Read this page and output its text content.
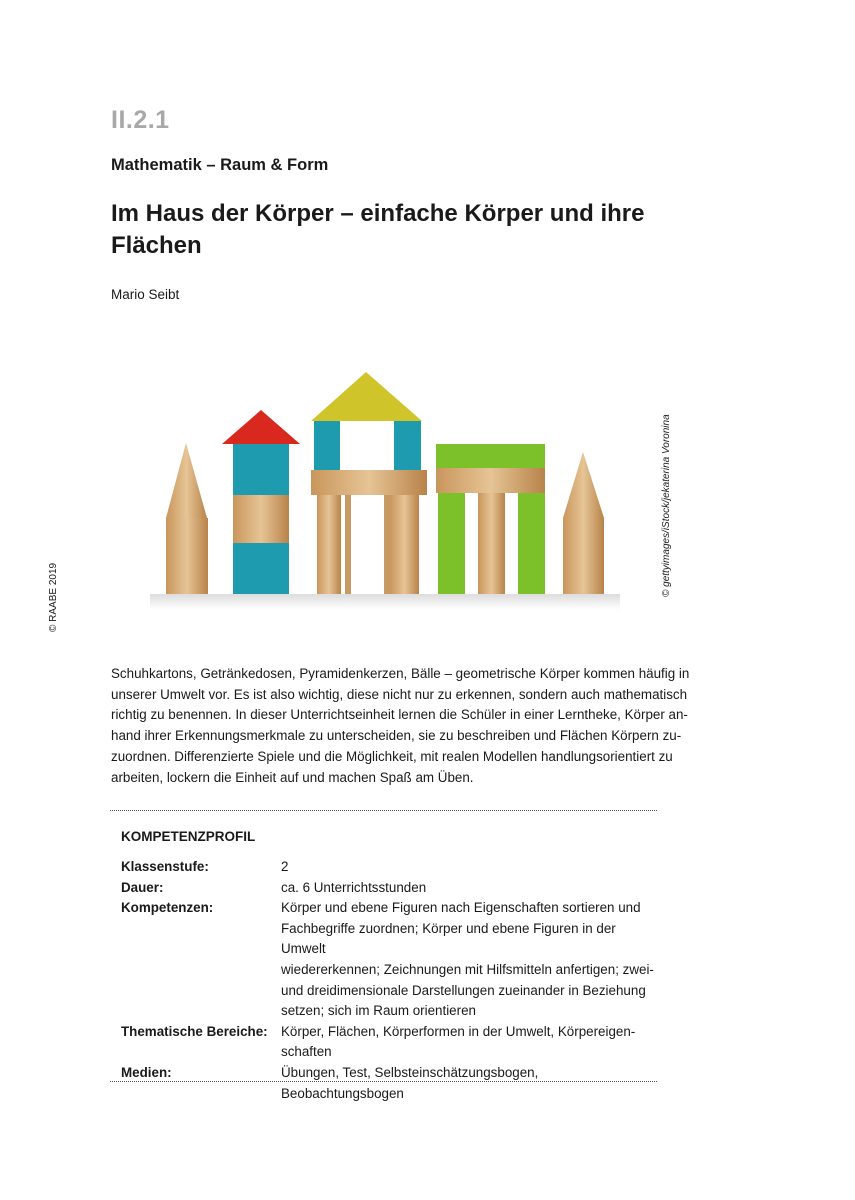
II.2.1
Mathematik – Raum & Form
Im Haus der Körper – einfache Körper und ihre
Flächen
Mario Seibt
© RAABE 2019
© gettyimages/iStock/jekaterina Voronina
Schuhkartons, Getränkedosen, Pyramidenkerzen, Bälle – geometrische Körper kommen häufig in
unserer Umwelt vor. Es ist also wichtig, diese nicht nur zu erkennen, sondern auch mathematisch
richtig zu benennen. In dieser Unterrichtseinheit lernen die Schüler in einer Lerntheke, Körper an-
hand ihrer Erkennungsmerkmale zu unterscheiden, sie zu beschreiben und Flächen Körpern zu-
zuordnen. Differenzierte Spiele und die Möglichkeit, mit realen Modellen handlungsorientiert zu
arbeiten, lockern die Einheit auf und machen Spaß am Üben.
KOMPETENZPROFIL
Klassenstufe:	2
Dauer:	ca. 6 Unterrichtsstunden
Kompetenzen:	Körper und ebene Figuren nach Eigenschaften sortieren und
Fachbegriffe zuordnen; Körper und ebene Figuren in der Umwelt
wiedererkennen; Zeichnungen mit Hilfsmitteln anfertigen; zwei-
und dreidimensionale Darstellungen zueinander in Beziehung
setzen; sich im Raum orientieren
Thematische Bereiche: Körper, Flächen, Körperformen in der Umwelt, Körpereigen-
schaften
Medien:	Übungen, Test, Selbsteinschätzungsbogen, Beobachtungsbogen
